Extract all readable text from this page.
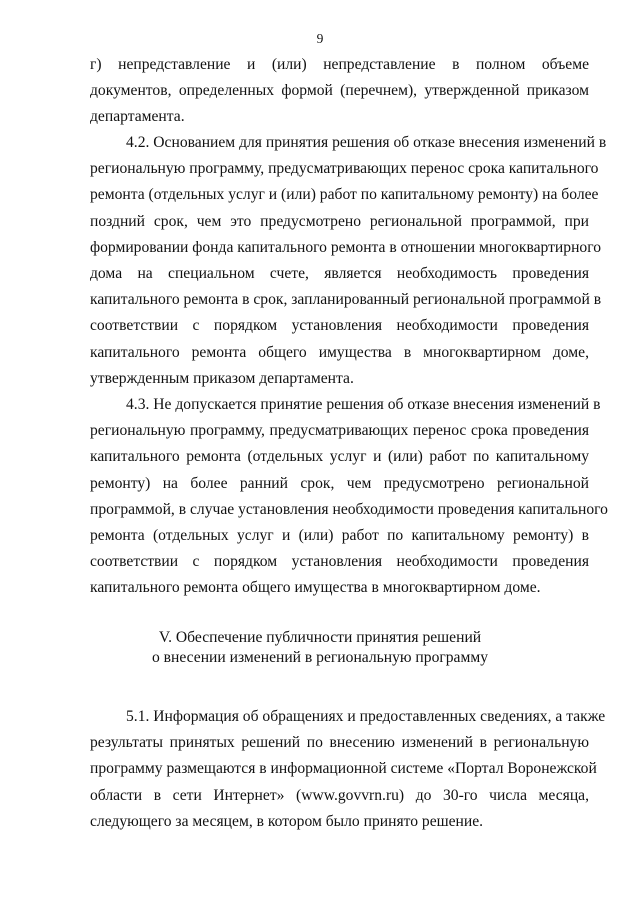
9
г) непредставление и (или) непредставление в полном объеме
документов, определенных формой (перечнем), утвержденной приказом
департамента.
4.2. Основанием для принятия решения об отказе внесения изменений в
региональную программу, предусматривающих перенос срока капитального
ремонта (отдельных услуг и (или) работ по капитальному ремонту) на более
поздний срок, чем это предусмотрено региональной программой, при
формировании фонда капитального ремонта в отношении многоквартирного
дома на специальном счете, является необходимость проведения
капитального ремонта в срок, запланированный региональной программой в
соответствии с порядком установления необходимости проведения
капитального ремонта общего имущества в многоквартирном доме,
утвержденным приказом департамента.
4.3. Не допускается принятие решения об отказе внесения изменений в
региональную программу, предусматривающих перенос срока проведения
капитального ремонта (отдельных услуг и (или) работ по капитальному
ремонту) на более ранний срок, чем предусмотрено региональной
программой, в случае установления необходимости проведения капитального
ремонта (отдельных услуг и (или) работ по капитальному ремонту) в
соответствии с порядком установления необходимости проведения
капитального ремонта общего имущества в многоквартирном доме.
V. Обеспечение публичности принятия решений
о внесении изменений в региональную программу
5.1. Информация об обращениях и предоставленных сведениях, а также
результаты принятых решений по внесению изменений в региональную
программу размещаются в информационной системе «Портал Воронежской
области в сети Интернет» (www.govvrn.ru) до 30-го числа месяца,
следующего за месяцем, в котором было принято решение.
